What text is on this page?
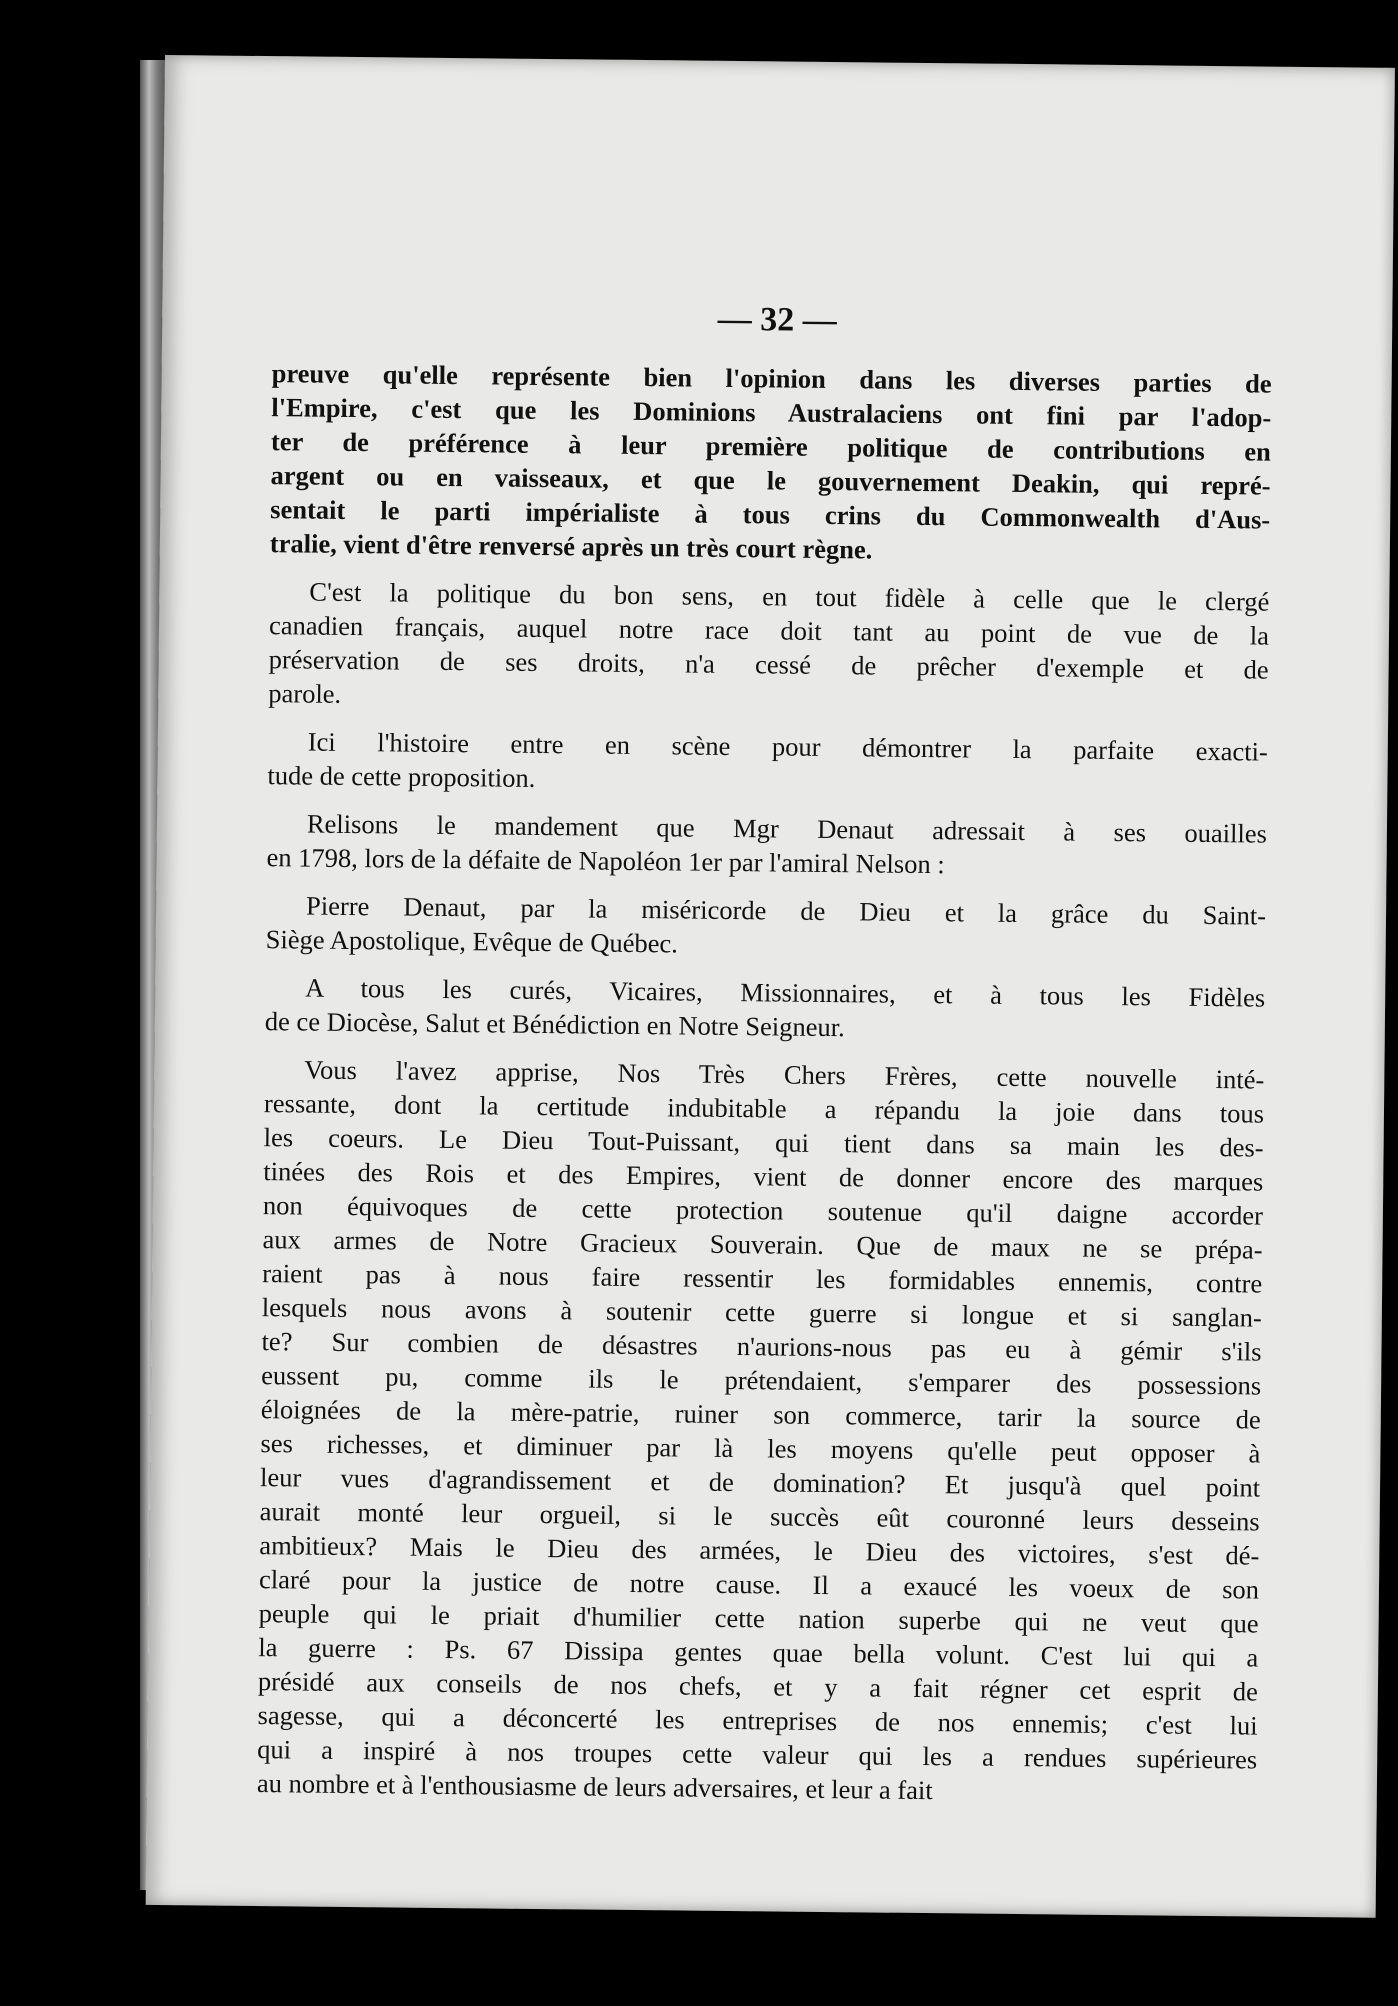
— 32 —
preuve qu'elle représente bien l'opinion dans les diverses parties de
l'Empire, c'est que les Dominions Australaciens ont fini par l'adop-
ter de préférence à leur première politique de contributions en
argent ou en vaisseaux, et que le gouvernement Deakin, qui repré-
sentait le parti impérialiste à tous crins du Commonwealth d'Aus-
tralie, vient d'être renversé après un très court règne.
C'est la politique du bon sens, en tout fidèle à celle que le clergé
canadien français, auquel notre race doit tant au point de vue de la
préservation de ses droits, n'a cessé de prêcher d'exemple et de
parole.
Ici l'histoire entre en scène pour démontrer la parfaite exacti-
tude de cette proposition.
Relisons le mandement que Mgr Denaut adressait à ses ouailles
en 1798, lors de la défaite de Napoléon 1er par l'amiral Nelson :
Pierre Denaut, par la miséricorde de Dieu et la grâce du Saint-
Siège Apostolique, Evêque de Québec.
A tous les curés, Vicaires, Missionnaires, et à tous les Fidèles
de ce Diocèse, Salut et Bénédiction en Notre Seigneur.
Vous l'avez apprise, Nos Très Chers Frères, cette nouvelle inté-
ressante, dont la certitude indubitable a répandu la joie dans tous
les coeurs. Le Dieu Tout-Puissant, qui tient dans sa main les des-
tinées des Rois et des Empires, vient de donner encore des marques
non équivoques de cette protection soutenue qu'il daigne accorder
aux armes de Notre Gracieux Souverain. Que de maux ne se prépa-
raient pas à nous faire ressentir les formidables ennemis, contre
lesquels nous avons à soutenir cette guerre si longue et si sanglan-
te? Sur combien de désastres n'aurions-nous pas eu à gémir s'ils
eussent pu, comme ils le prétendaient, s'emparer des possessions
éloignées de la mère-patrie, ruiner son commerce, tarir la source de
ses richesses, et diminuer par là les moyens qu'elle peut opposer à
leur vues d'agrandissement et de domination? Et jusqu'à quel point
aurait monté leur orgueil, si le succès eût couronné leurs desseins
ambitieux? Mais le Dieu des armées, le Dieu des victoires, s'est dé-
claré pour la justice de notre cause. Il a exaucé les voeux de son
peuple qui le priait d'humilier cette nation superbe qui ne veut que
la guerre : Ps. 67 Dissipa gentes quae bella volunt. C'est lui qui a
présidé aux conseils de nos chefs, et y a fait régner cet esprit de
sagesse, qui a déconcerté les entreprises de nos ennemis; c'est lui
qui a inspiré à nos troupes cette valeur qui les a rendues supérieures
au nombre et à l'enthousiasme de leurs adversaires, et leur a fait
